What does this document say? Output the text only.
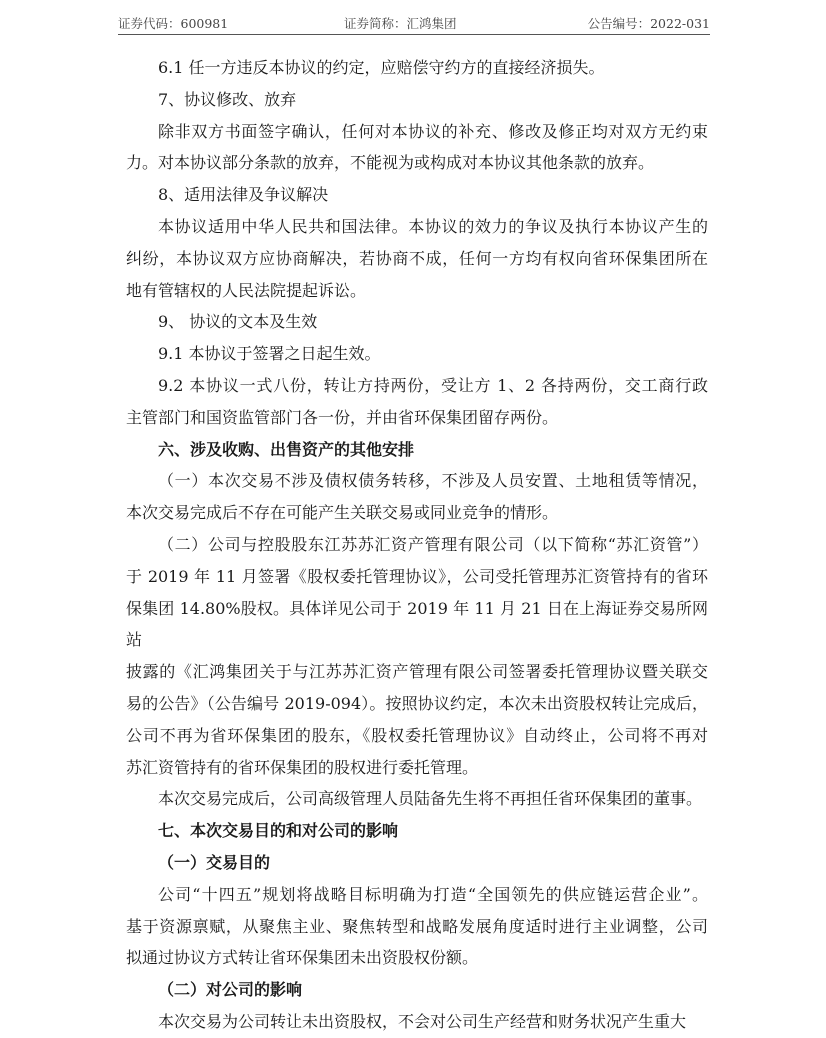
证券代码：600981	证券简称：汇鸿集团	公告编号：2022-031
6.1 任一方违反本协议的约定，应赔偿守约方的直接经济损失。
7、协议修改、放弃
除非双方书面签字确认，任何对本协议的补充、修改及修正均对双方无约束
力。对本协议部分条款的放弃，不能视为或构成对本协议其他条款的放弃。
8、适用法律及争议解决
本协议适用中华人民共和国法律。本协议的效力的争议及执行本协议产生的
纠纷，本协议双方应协商解决，若协商不成，任何一方均有权向省环保集团所在
地有管辖权的人民法院提起诉讼。
9、 协议的文本及生效
9.1 本协议于签署之日起生效。
9.2 本协议一式八份，转让方持两份，受让方 1、2 各持两份，交工商行政
主管部门和国资监管部门各一份，并由省环保集团留存两份。
六、涉及收购、出售资产的其他安排
（一）本次交易不涉及债权债务转移，不涉及人员安置、土地租赁等情况，
本次交易完成后不存在可能产生关联交易或同业竞争的情形。
（二）公司与控股股东江苏苏汇资产管理有限公司（以下简称“苏汇资管”）
于 2019 年 11 月签署《股权委托管理协议》，公司受托管理苏汇资管持有的省环
保集团 14.80%股权。具体详见公司于 2019 年 11 月 21 日在上海证券交易所网站
披露的《汇鸿集团关于与江苏苏汇资产管理有限公司签署委托管理协议暨关联交
易的公告》（公告编号 2019-094）。按照协议约定，本次未出资股权转让完成后，
公司不再为省环保集团的股东，《股权委托管理协议》自动终止，公司将不再对
苏汇资管持有的省环保集团的股权进行委托管理。
本次交易完成后，公司高级管理人员陆备先生将不再担任省环保集团的董事。
七、本次交易目的和对公司的影响
（一）交易目的
公司“十四五”规划将战略目标明确为打造“全国领先的供应链运营企业”。
基于资源禀赋，从聚焦主业、聚焦转型和战略发展角度适时进行主业调整，公司
拟通过协议方式转让省环保集团未出资股权份额。
（二）对公司的影响
本次交易为公司转让未出资股权，不会对公司生产经营和财务状况产生重大
